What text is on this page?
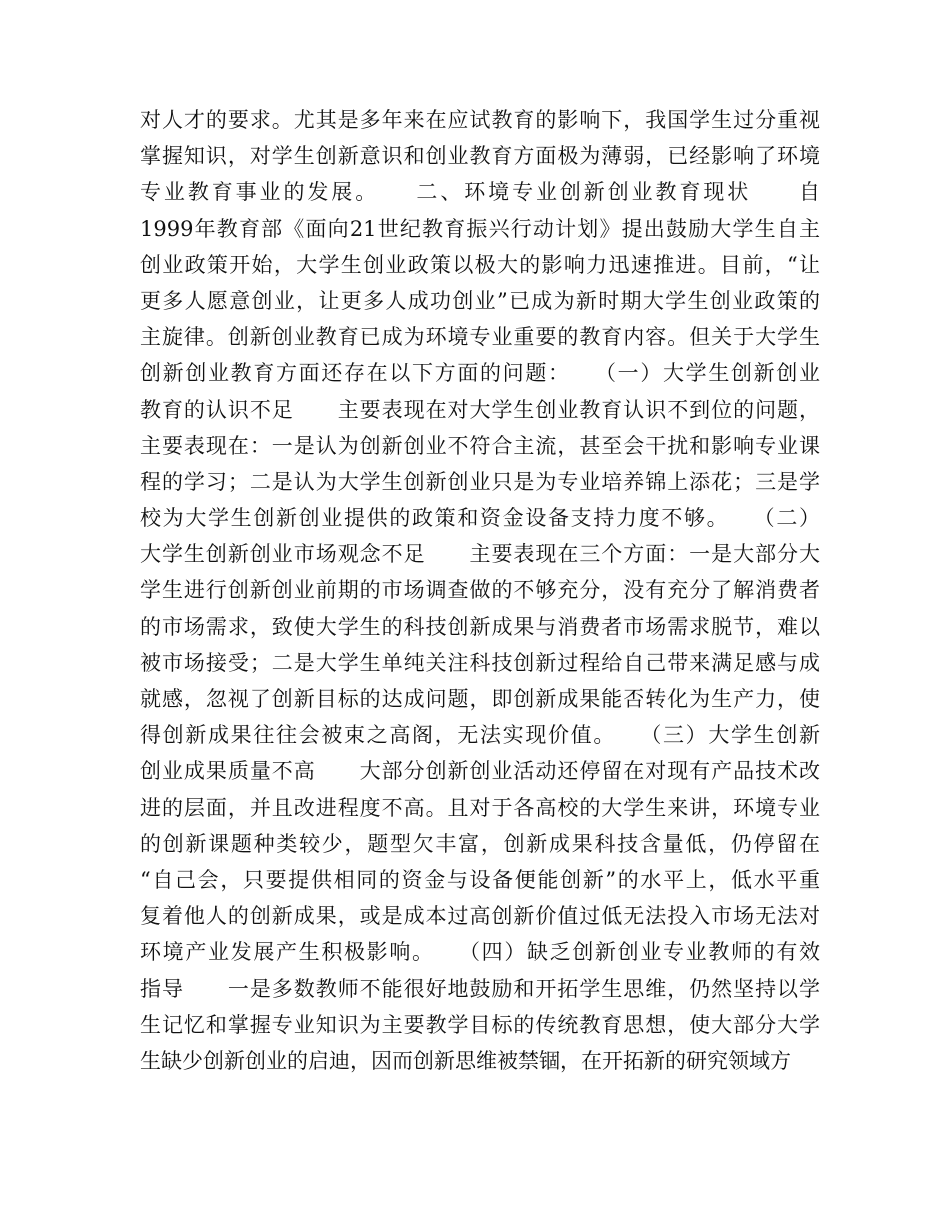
对人才的要求。尤其是多年来在应试教育的影响下，我国学生过分重视
掌握知识，对学生创新意识和创业教育方面极为薄弱，已经影响了环境
专业教育事业的发展。　　二、环境专业创新创业教育现状　　自
1999年教育部《面向21世纪教育振兴行动计划》提出鼓励大学生自主
创业政策开始，大学生创业政策以极大的影响力迅速推进。目前，“让
更多人愿意创业，让更多人成功创业”已成为新时期大学生创业政策的
主旋律。创新创业教育已成为环境专业重要的教育内容。但关于大学生
创新创业教育方面还存在以下方面的问题：　　（一）大学生创新创业
教育的认识不足　　主要表现在对大学生创业教育认识不到位的问题，
主要表现在：一是认为创新创业不符合主流，甚至会干扰和影响专业课
程的学习；二是认为大学生创新创业只是为专业培养锦上添花；三是学
校为大学生创新创业提供的政策和资金设备支持力度不够。　　（二）
大学生创新创业市场观念不足　　主要表现在三个方面：一是大部分大
学生进行创新创业前期的市场调查做的不够充分，没有充分了解消费者
的市场需求，致使大学生的科技创新成果与消费者市场需求脱节，难以
被市场接受；二是大学生单纯关注科技创新过程给自己带来满足感与成
就感，忽视了创新目标的达成问题，即创新成果能否转化为生产力，使
得创新成果往往会被束之高阁，无法实现价值。　　（三）大学生创新
创业成果质量不高　　大部分创新创业活动还停留在对现有产品技术改
进的层面，并且改进程度不高。且对于各高校的大学生来讲，环境专业
的创新课题种类较少，题型欠丰富，创新成果科技含量低，仍停留在
“自己会，只要提供相同的资金与设备便能创新”的水平上，低水平重
复着他人的创新成果，或是成本过高创新价值过低无法投入市场无法对
环境产业发展产生积极影响。　　（四）缺乏创新创业专业教师的有效
指导　　一是多数教师不能很好地鼓励和开拓学生思维，仍然坚持以学
生记忆和掌握专业知识为主要教学目标的传统教育思想，使大部分大学
生缺少创新创业的启迪，因而创新思维被禁锢，在开拓新的研究领域方
